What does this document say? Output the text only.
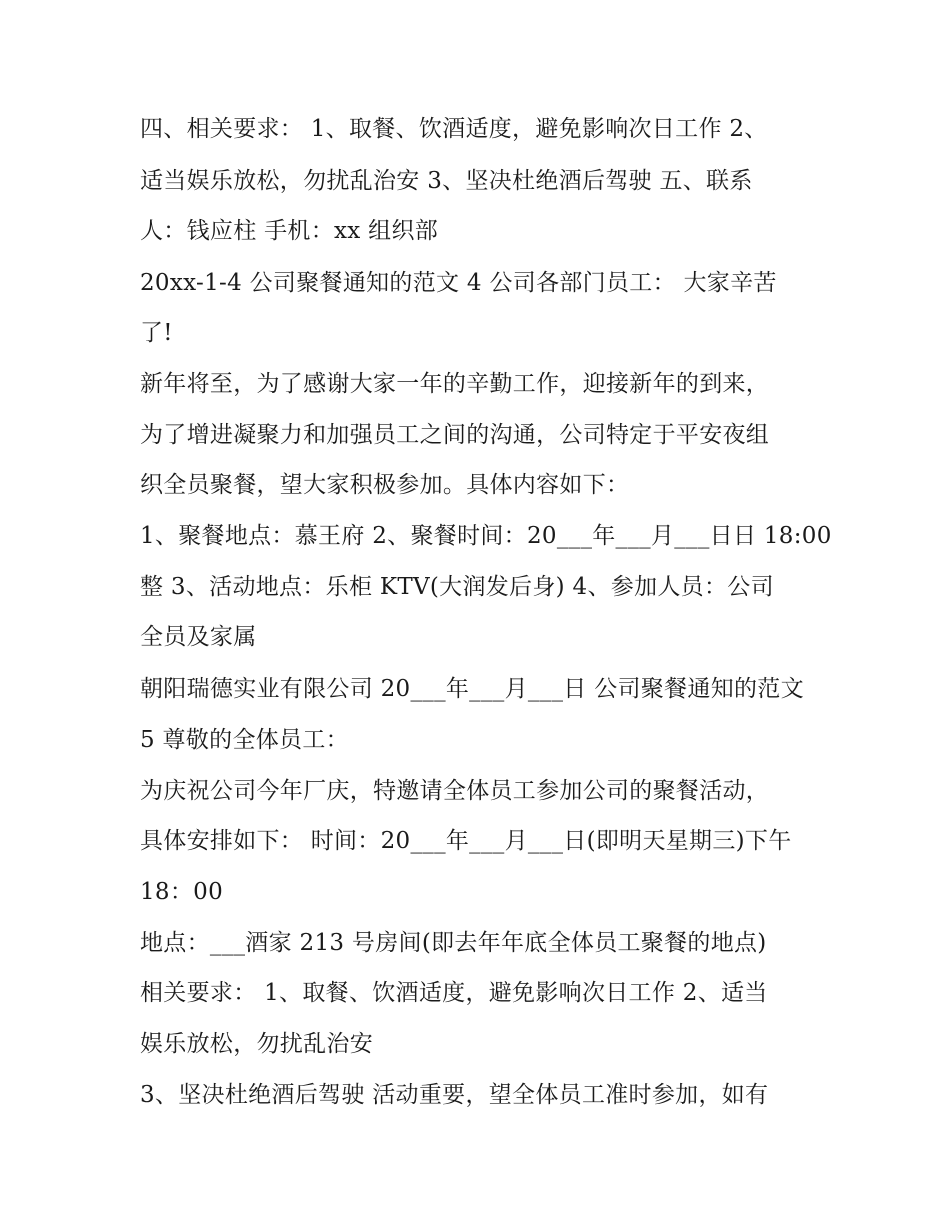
四、相关要求： 1、取餐、饮酒适度，避免影响次日工作 2、
适当娱乐放松，勿扰乱治安 3、坚决杜绝酒后驾驶 五、联系
人：钱应柱 手机：xx 组织部
20xx-1-4 公司聚餐通知的范文 4 公司各部门员工： 大家辛苦
了!
新年将至，为了感谢大家一年的辛勤工作，迎接新年的到来，
为了增进凝聚力和加强员工之间的沟通，公司特定于平安夜组
织全员聚餐，望大家积极参加。具体内容如下：
1、聚餐地点：慕王府 2、聚餐时间：20___年___月___日日 18:00
整 3、活动地点：乐柜 KTV(大润发后身) 4、参加人员：公司
全员及家属
朝阳瑞德实业有限公司 20___年___月___日 公司聚餐通知的范文
5 尊敬的全体员工：
为庆祝公司今年厂庆，特邀请全体员工参加公司的聚餐活动，
具体安排如下： 时间：20___年___月___日(即明天星期三)下午
18：00
地点：___酒家 213 号房间(即去年年底全体员工聚餐的地点)
相关要求： 1、取餐、饮酒适度，避免影响次日工作 2、适当
娱乐放松，勿扰乱治安
3、坚决杜绝酒后驾驶 活动重要，望全体员工准时参加，如有
